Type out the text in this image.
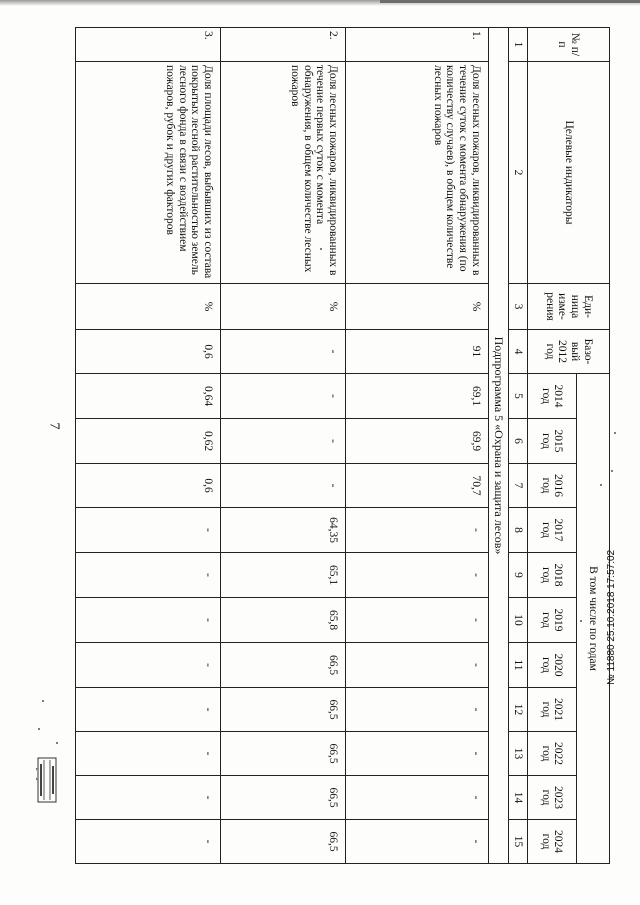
7
№ п/п	Целевые индикаторы	Еди-ница изме-рения	Базо-вый 2012 год	В том числе по годам										
				2014 год	2015 год	2016 год	2017 год	2018 год	2019 год	2020 год	2021 год	2022 год	2023 год	2024 год
1	2	3	4	5	6	7	8	9	10	11	12	13	14	15
Подпрограмма 5 «Охрана и защита лесов»														
1.	Доля лесных пожаров, ликвидированных в течение суток с момента обнаружения (по количеству случаев), в общем количестве лесных пожаров	%	91	69,1	69,9	70,7	-	-	-	-	-	-	-	-
2.	Доля лесных пожаров, ликвидированных в течение первых суток с момента обнаружения, в общем количестве лесных пожаров	%	-	-	-	-	64,35	65,1	65,8	66,5	66,5	66,5	66,5	66,5
3.	Доля площади лесов, выбывших из состава покрытых лесной растительностью земель лесного фонда в связи с воздействием пожаров, рубок и других факторов	%	0,6	0,64	0,62	0,6	-	-	-	-	-	-	-	-
№ 11880 25.10.2018 17:57:02
